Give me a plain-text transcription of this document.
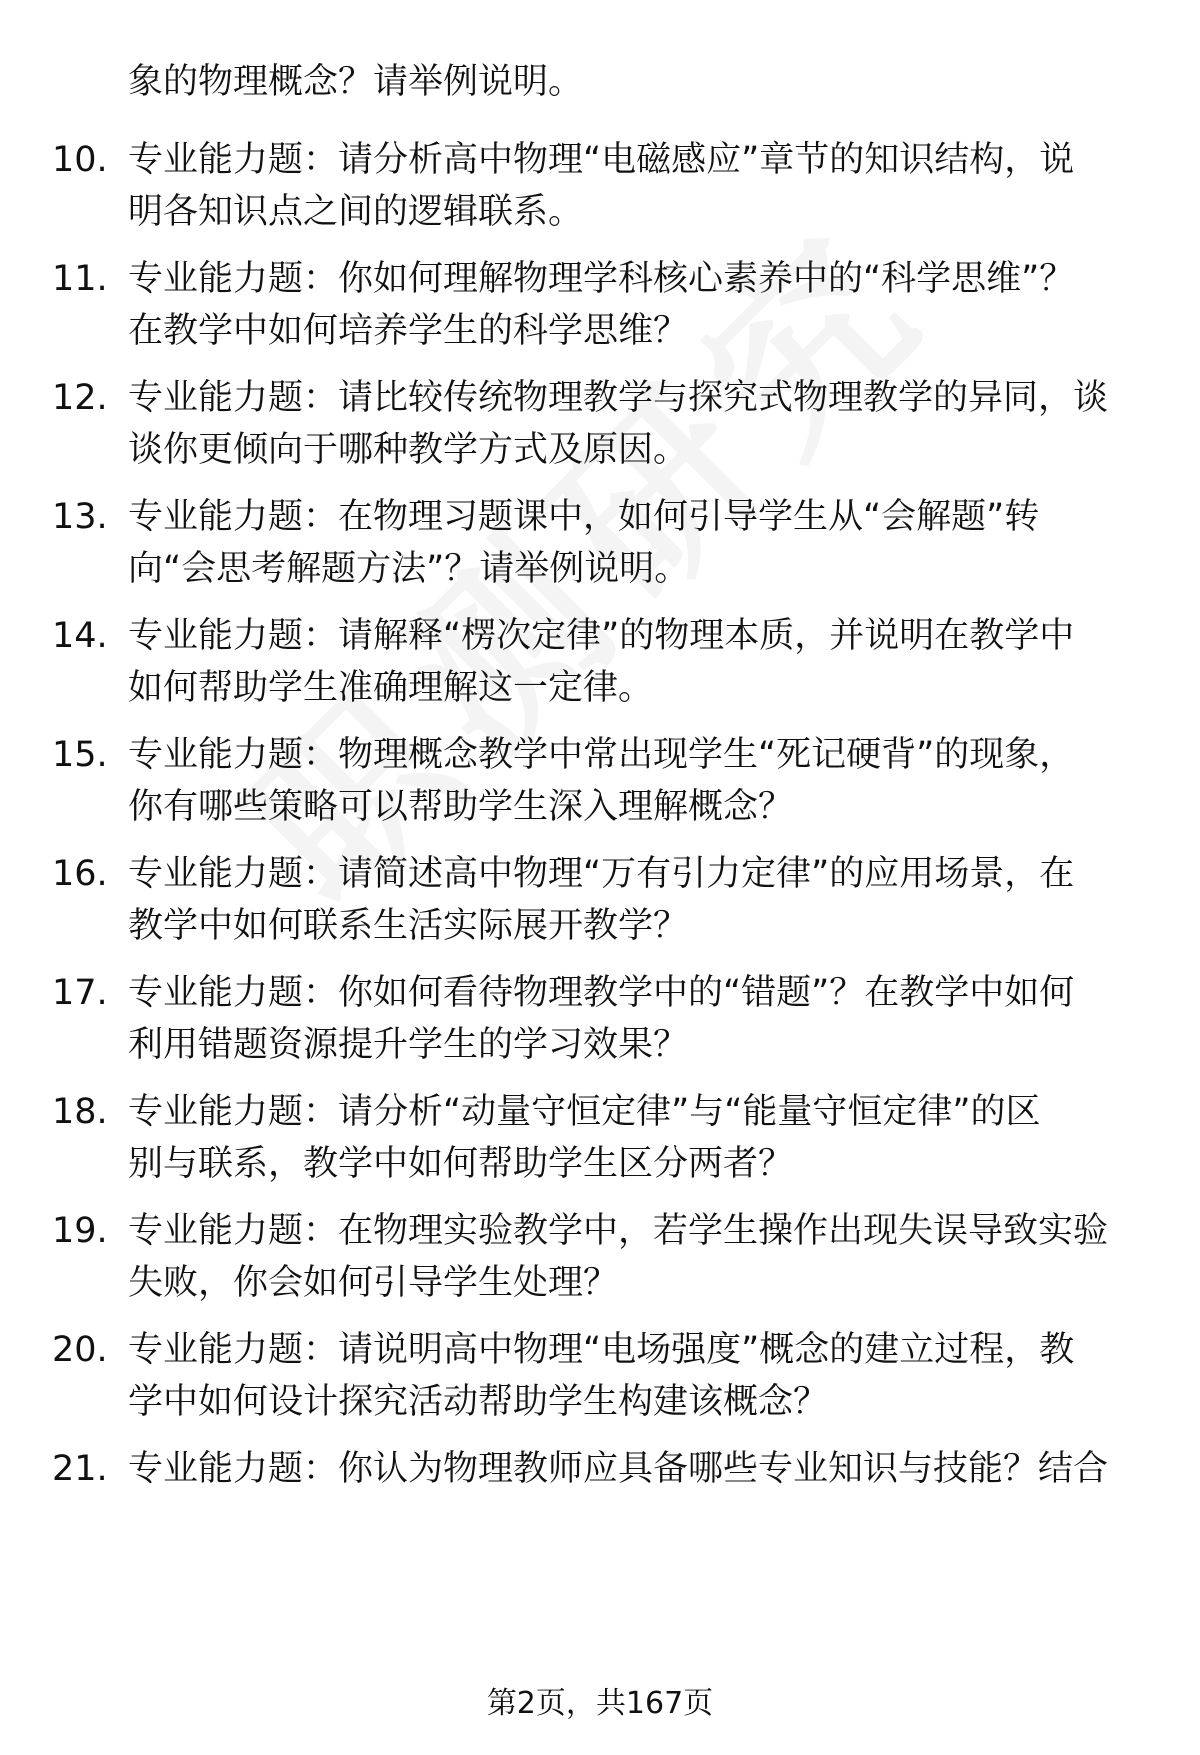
象的物理概念？请举例说明。
10. 专业能力题：请分析高中物理“电磁感应”章节的知识结构，说
明各知识点之间的逻辑联系。
11. 专业能力题：你如何理解物理学科核心素养中的“科学思维”？
在教学中如何培养学生的科学思维？
12. 专业能力题：请比较传统物理教学与探究式物理教学的异同，谈
谈你更倾向于哪种教学方式及原因。
13. 专业能力题：在物理习题课中，如何引导学生从“会解题”转
向“会思考解题方法”？请举例说明。
14. 专业能力题：请解释“楞次定律”的物理本质，并说明在教学中
如何帮助学生准确理解这一定律。
15. 专业能力题：物理概念教学中常出现学生“死记硬背”的现象，
你有哪些策略可以帮助学生深入理解概念？
16. 专业能力题：请简述高中物理“万有引力定律”的应用场景，在
教学中如何联系生活实际展开教学？
17. 专业能力题：你如何看待物理教学中的“错题”？在教学中如何
利用错题资源提升学生的学习效果？
18. 专业能力题：请分析“动量守恒定律”与“能量守恒定律”的区
别与联系，教学中如何帮助学生区分两者？
19. 专业能力题：在物理实验教学中，若学生操作出现失误导致实验
失败，你会如何引导学生处理？
20. 专业能力题：请说明高中物理“电场强度”概念的建立过程，教
学中如何设计探究活动帮助学生构建该概念？
21. 专业能力题：你认为物理教师应具备哪些专业知识与技能？结合
第2页，共167页
